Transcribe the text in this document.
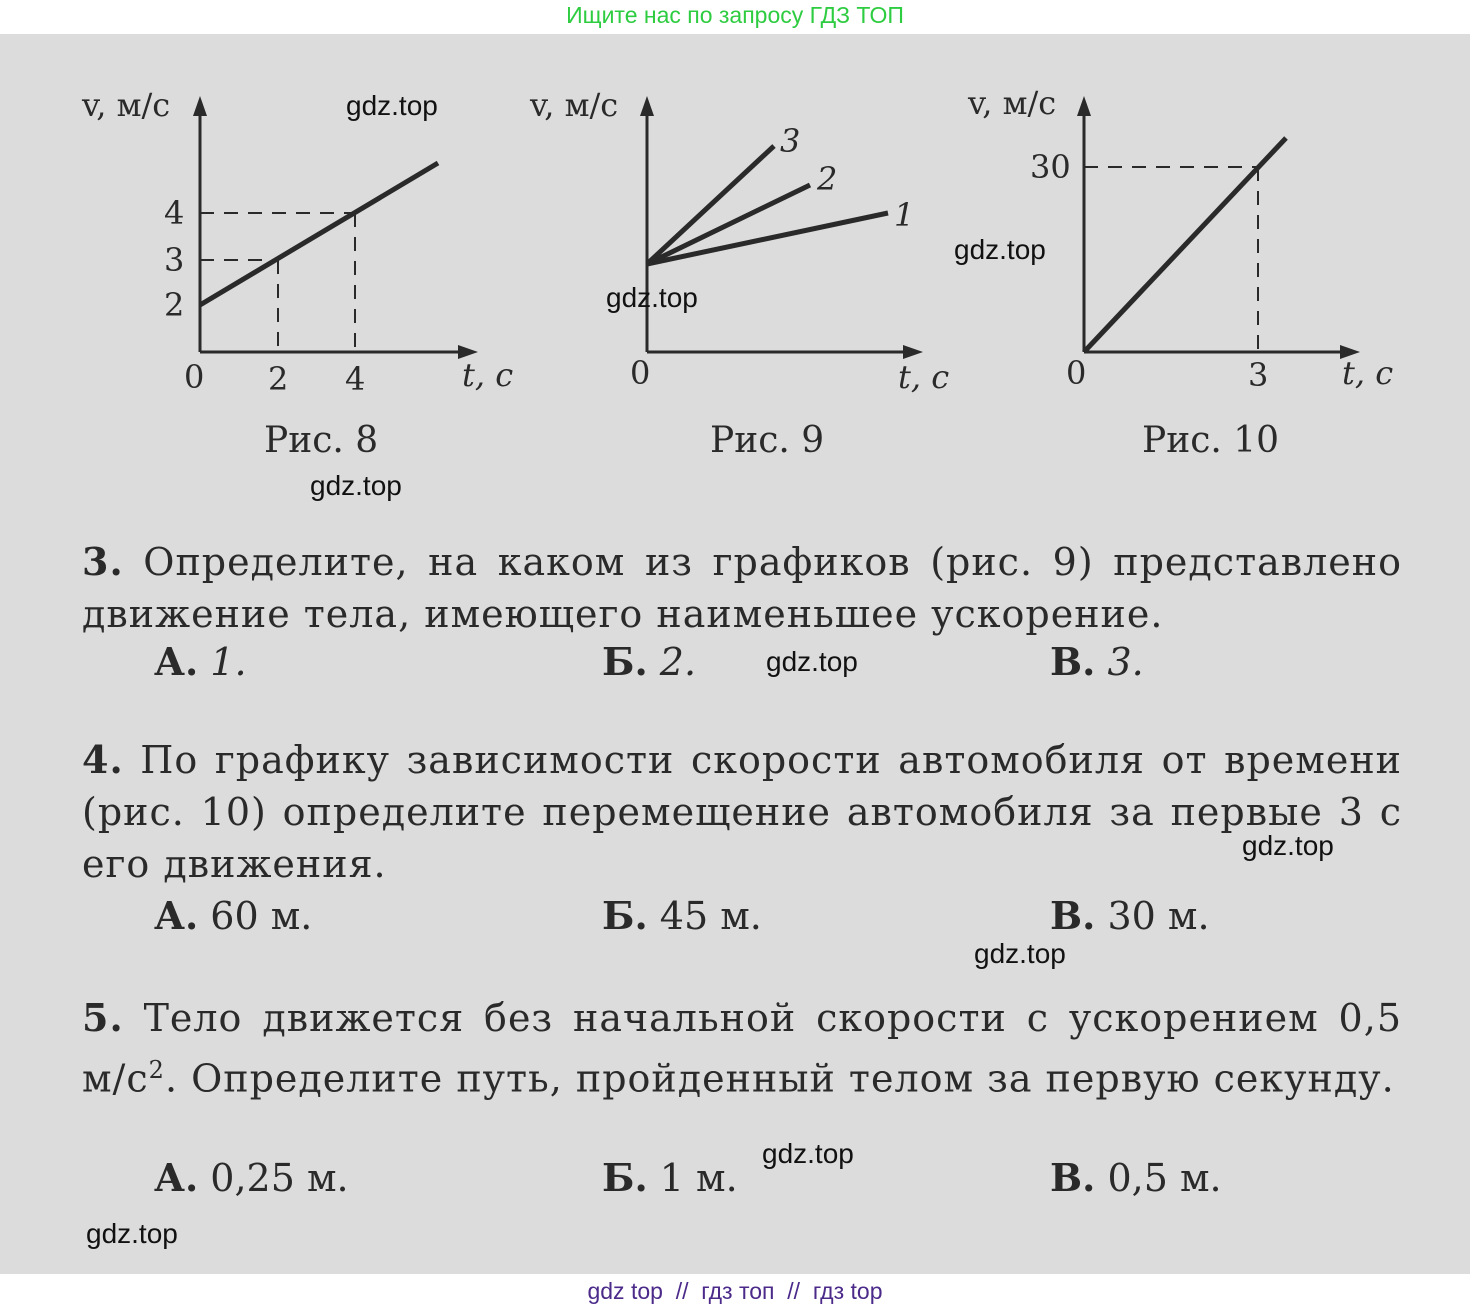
Ищите нас по запросу ГДЗ ТОП
v, м/с
4
3
2
0 2 4	t, с
Рис. 8
1
2
3
v, м/с
0	t, с
Рис. 9
v, м/с
30
0	3 t, с
Рис. 10
3. Определите, на каком из графиков (рис. 9) представлено движение тела, имеющего наименьшее ускорение.
А. 1.	Б. 2.	В. 3.
4. По графику зависимости скорости автомобиля от времени (рис. 10) определите перемещение автомобиля за первые 3 с его движения.
А. 60 м.	Б. 45 м.	В. 30 м.
5. Тело движется без начальной скорости с ускорением 0,5 $м/с^2$. Определите путь, пройденный телом за первую секунду.
А. 0,25 м.	Б. 1 м.	В. 0,5 м.
gdz.top
gdz.top
gdz.top
gdz.top
gdz.top
gdz.top
gdz.top
gdz.top
gdz.top
gdz top  //  гдз топ  //  гдз top
